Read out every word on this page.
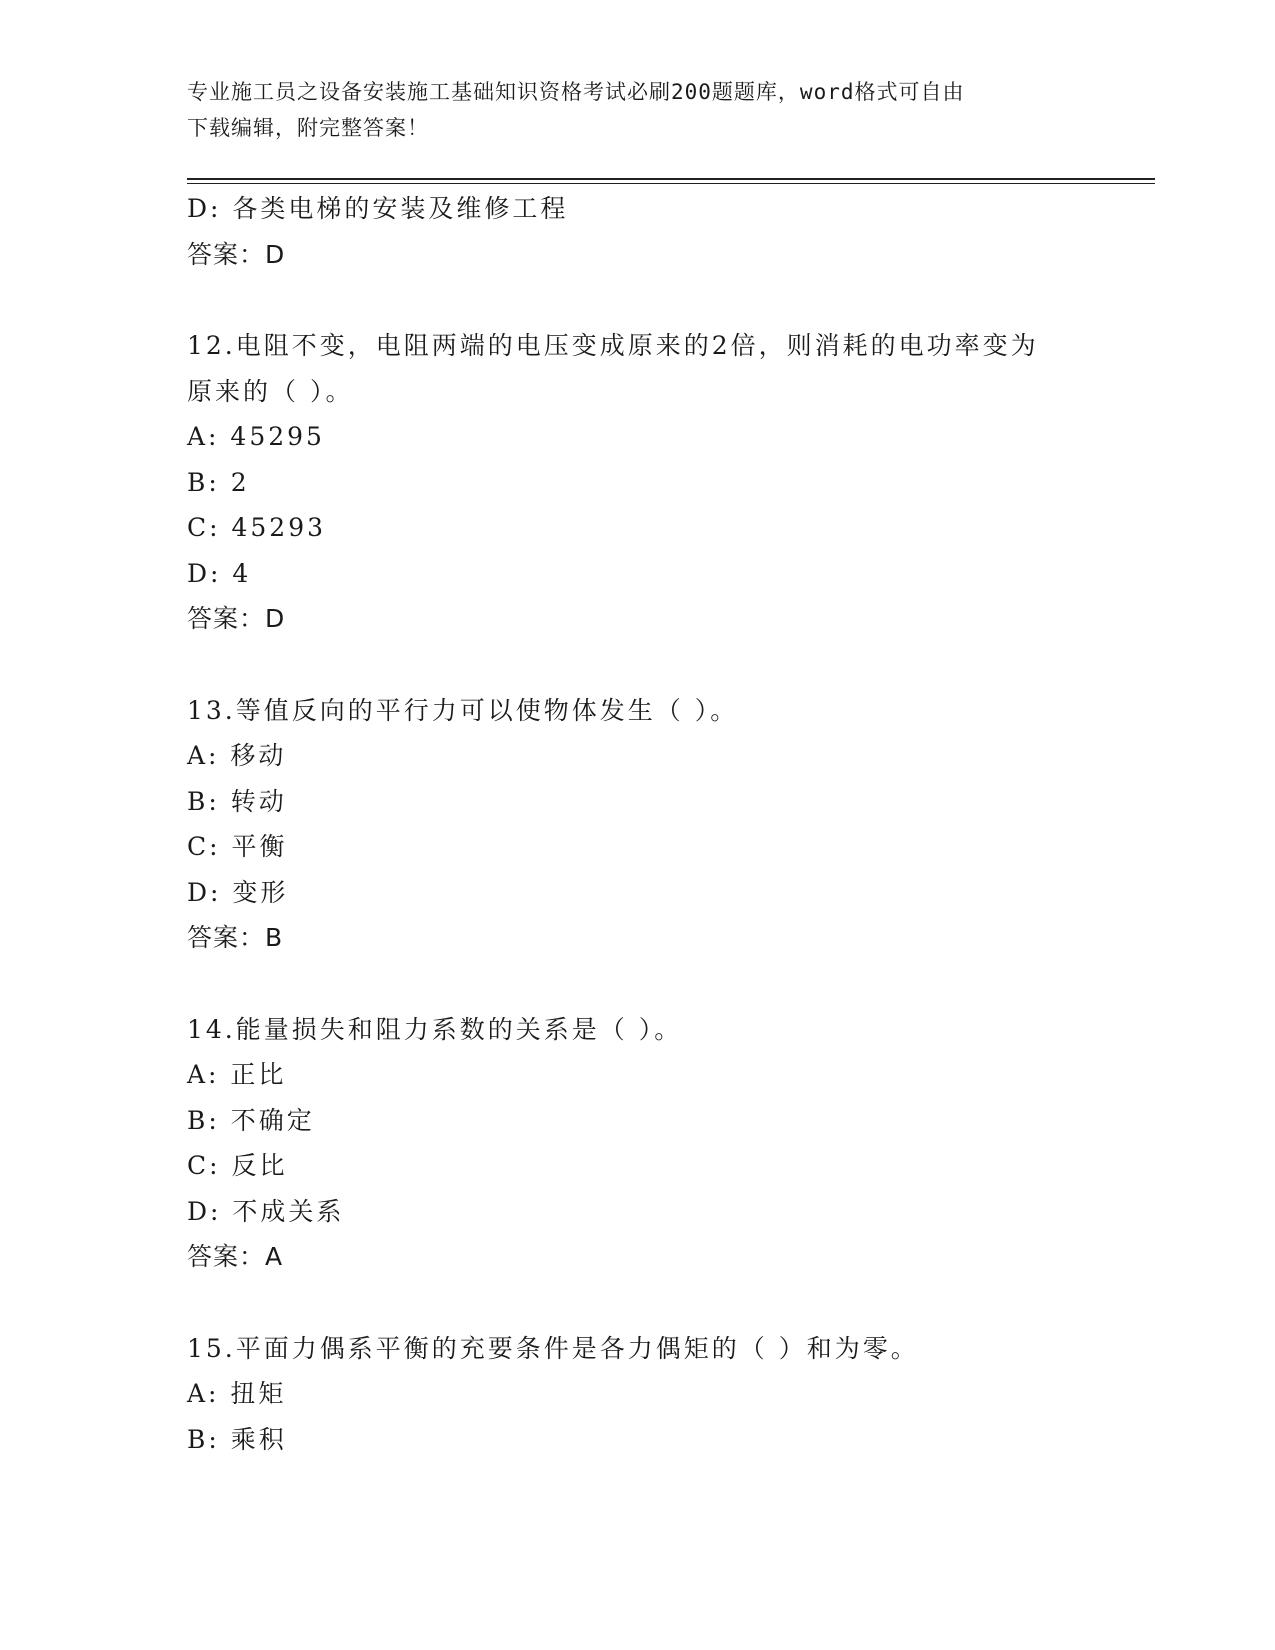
专业施工员之设备安装施工基础知识资格考试必刷200题题库，word格式可自由
下载编辑，附完整答案！
D: 各类电梯的安装及维修工程
答案：D
12.电阻不变，电阻两端的电压变成原来的2倍，则消耗的电功率变为
原来的（ ）。
A: 45295
B: 2
C: 45293
D: 4
答案：D
13.等值反向的平行力可以使物体发生（ ）。
A: 移动
B: 转动
C: 平衡
D: 变形
答案：B
14.能量损失和阻力系数的关系是（ ）。
A: 正比
B: 不确定
C: 反比
D: 不成关系
答案：A
15.平面力偶系平衡的充要条件是各力偶矩的（ ）和为零。
A: 扭矩
B: 乘积
